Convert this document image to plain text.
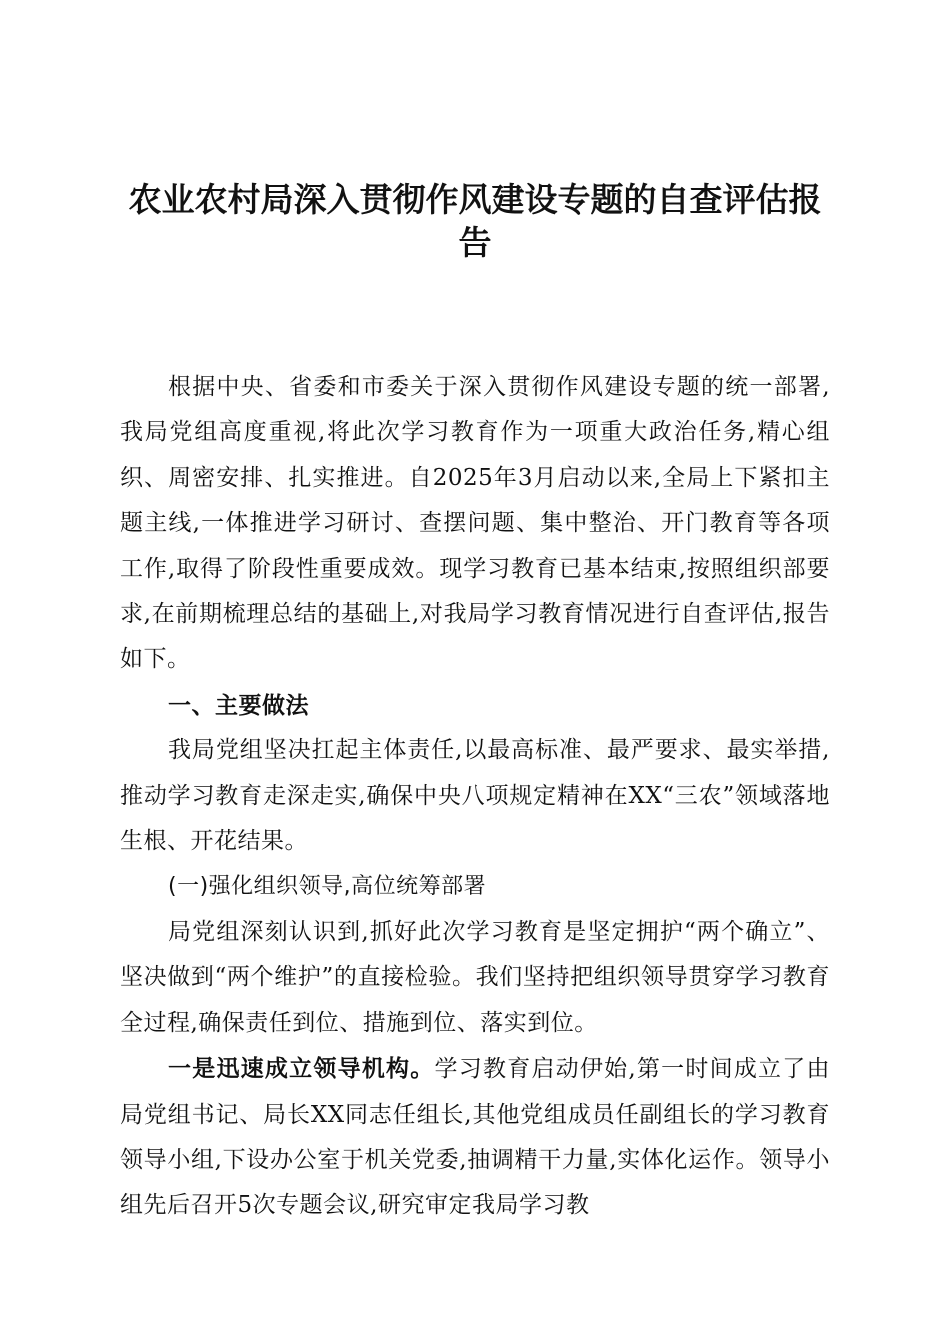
农业农村局深入贯彻作风建设专题的自查评估报告

根据中央、省委和市委关于深入贯彻作风建设专题的统一部署,我局党组高度重视,将此次学习教育作为一项重大政治任务,精心组织、周密安排、扎实推进。自2025年3月启动以来,全局上下紧扣主题主线,一体推进学习研讨、查摆问题、集中整治、开门教育等各项工作,取得了阶段性重要成效。现学习教育已基本结束,按照组织部要求,在前期梳理总结的基础上,对我局学习教育情况进行自查评估,报告如下。

一、主要做法

我局党组坚决扛起主体责任,以最高标准、最严要求、最实举措,推动学习教育走深走实,确保中央八项规定精神在XX“三农”领域落地生根、开花结果。

(一)强化组织领导,高位统筹部署

局党组深刻认识到,抓好此次学习教育是坚定拥护“两个确立”、坚决做到“两个维护”的直接检验。我们坚持把组织领导贯穿学习教育全过程,确保责任到位、措施到位、落实到位。

一是迅速成立领导机构。学习教育启动伊始,第一时间成立了由局党组书记、局长XX同志任组长,其他党组成员任副组长的学习教育领导小组,下设办公室于机关党委,抽调精干力量,实体化运作。领导小组先后召开5次专题会议,研究审定我局学习教
